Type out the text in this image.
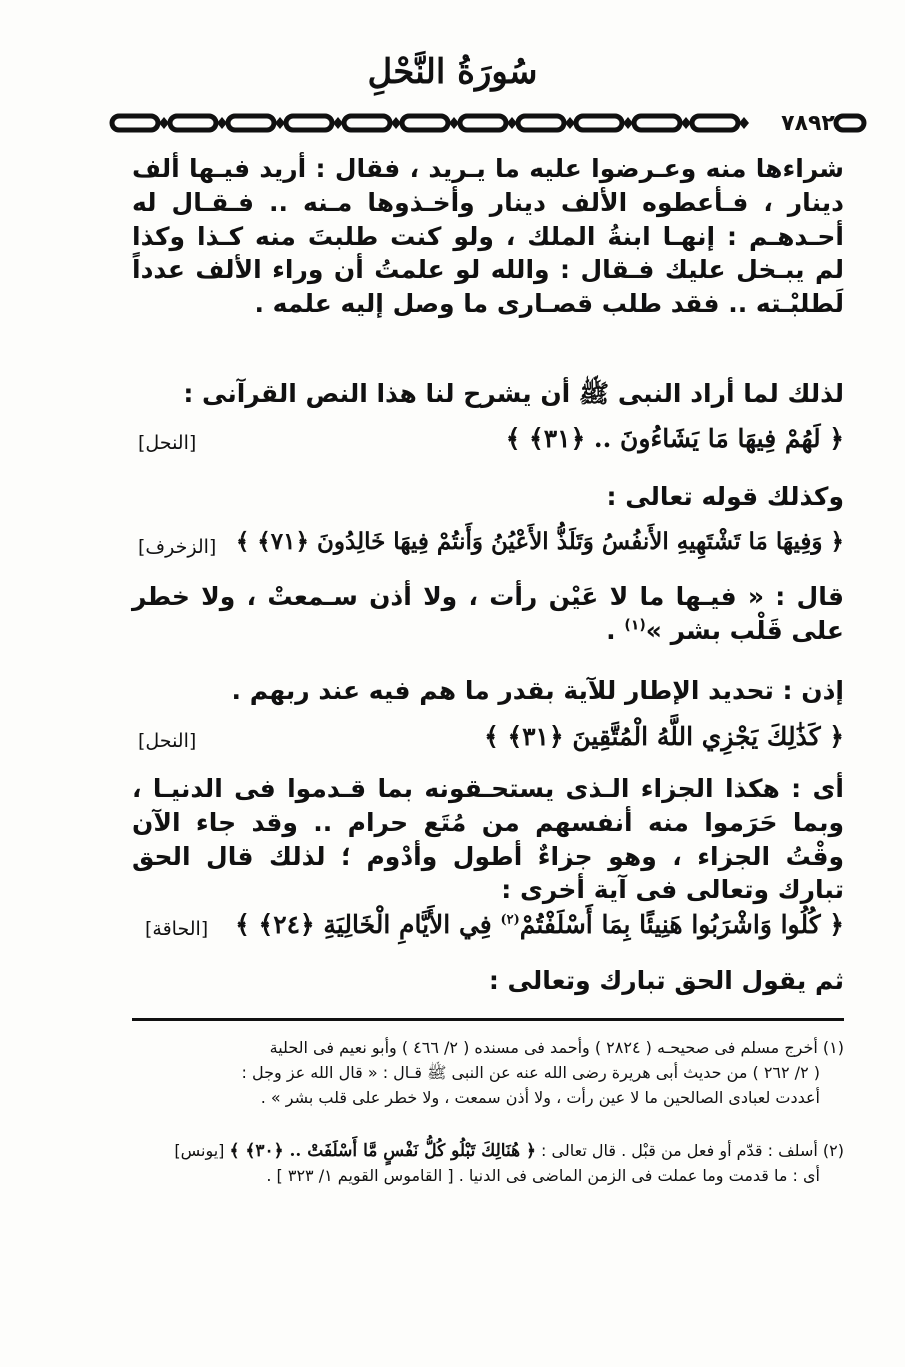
سُورَةُ النَّحْلِ
٧٨٩٢
شراءها منه وعـرضوا عليه ما يـريد ، فقال : أريد فيـها ألف دينار ، فـأعطوه الألف دينار وأخـذوها مـنه .. فـقـال له أحـدهـم : إنهـا ابنةُ الملك ، ولو كنت طلبتَ منه كـذا وكذا لم يبـخل عليك فـقال : والله لو علمتُ أن وراء الألف عدداً لَطلبْـته .. فقد طلب قصـارى ما وصل إليه علمه .
لذلك لما أراد النبى ﷺ أن يشرح لنا هذا النص القرآنى :
﴿ لَهُمْ فِيهَا مَا يَشَاءُونَ .. ﴿٣١﴾ ﴾
[النحل]
وكذلك قوله تعالى :
﴿ وَفِيهَا مَا تَشْتَهِيهِ الأَنفُسُ وَتَلَذُّ الأَعْيُنُ وَأَنتُمْ فِيهَا خَالِدُونَ ﴿٧١﴾ ﴾
[الزخرف]
قال : « فيـها ما لا عَيْن رأت ، ولا أذن سـمعتْ ، ولا خطر على قَلْب بشر »$^{(١)}$ .
إذن : تحديد الإطار للآية بقدر ما هم فيه عند ربهم .
﴿ كَذَٰلِكَ يَجْزِي اللَّهُ الْمُتَّقِينَ ﴿٣١﴾ ﴾
[النحل]
أى : هكذا الجزاء الـذى يستحـقونه بما قـدموا فى الدنيـا ، وبما حَرَموا منه أنفسهم من مُتَع حرام .. وقد جاء الآن وقْتُ الجزاء ، وهو جزاءٌ أطول وأدْوم ؛ لذلك قال الحق تبارك وتعالى فى آية أخرى :
﴿ كُلُوا وَاشْرَبُوا هَنِيئًا بِمَا أَسْلَفْتُمْ$^{(٢)}$ فِي الأَيَّامِ الْخَالِيَةِ ﴿٢٤﴾ ﴾
[الحاقة]
ثم يقول الحق تبارك وتعالى :
(١) أخرج مسلم فى صحيحـه ( ٢٨٢٤ ) وأحمد فى مسنده ( ٢/ ٤٦٦ ) وأبو نعيم فى الحلية
( ٢/ ٢٦٢ ) من حديث أبى هريرة رضى الله عنه عن النبى ﷺ قـال : « قال الله عز وجل :
أعددت لعبادى الصالحين ما لا عين رأت ، ولا أذن سمعت ، ولا خطر على قلب بشر » .
(٢) أسلف : قدّم أو فعل من قبْل . قال تعالى : ﴿ هُنَالِكَ تَبْلُو كُلُّ نَفْسٍ مَّا أَسْلَفَتْ .. ﴿٣٠﴾ ﴾ [يونس]
أى : ما قدمت وما عملت فى الزمن الماضى فى الدنيا . [ القاموس القويم ١/ ٣٢٣ ] .
